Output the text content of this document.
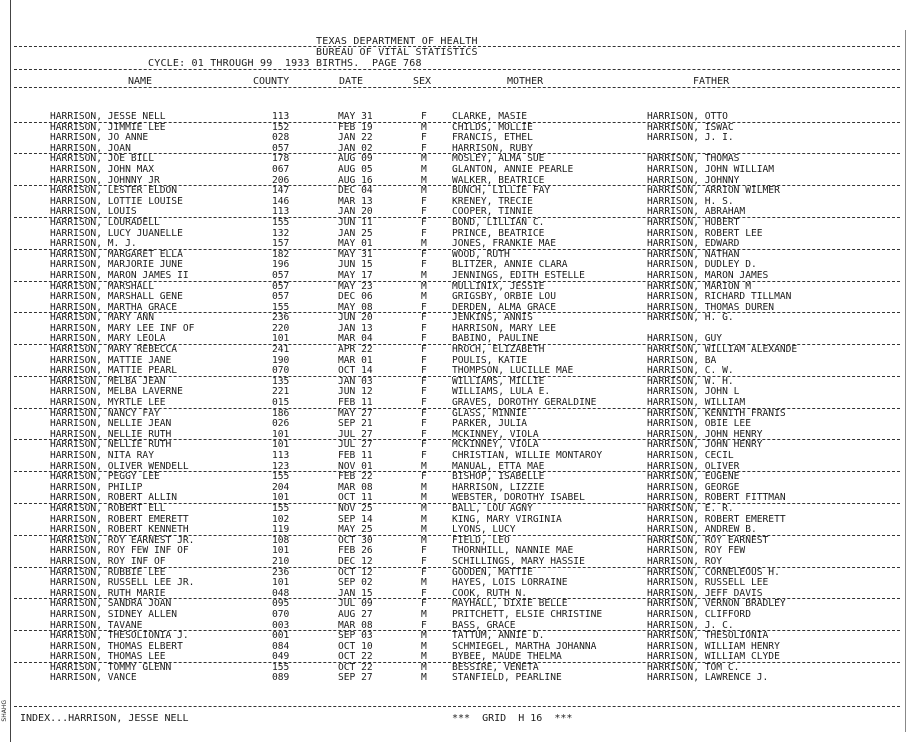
TEXAS DEPARTMENT OF HEALTH
BUREAU OF VITAL STATISTICS
CYCLE: 01 THROUGH 99  1933 BIRTHS.  PAGE 768
NAME	COUNTY	DATE	SEX	MOTHER	FATHER
HARRISON, JESSE NELL	113	MAY 31	F	CLARKE, MASIE	HARRISON, OTTO
HARRISON, JIMMIE LEE	152	FEB 19	M	CHILDS, MOLLIE	HARRISON, ISWAC
HARRISON, JO ANNE	028	JAN 22	F	FRANCIS, ETHEL	HARRISON, J. I.
HARRISON, JOAN	057	JAN 02	F	HARRISON, RUBY
HARRISON, JOE BILL	178	AUG 09	M	MOSLEY, ALMA SUE	HARRISON, THOMAS
HARRISON, JOHN MAX	067	AUG 05	M	GLANTON, ANNIE PEARLE	HARRISON, JOHN WILLIAM
HARRISON, JOHNNY JR	206	AUG 16	M	WALKER, BEATRICE	HARRISON, JOHNNY
HARRISON, LESTER ELDON	147	DEC 04	M	BUNCH, LILLIE FAY	HARRISON, ARRION WILMER
HARRISON, LOTTIE LOUISE	146	MAR 13	F	KRENEY, TRECIE	HARRISON, H. S.
HARRISON, LOUIS	113	JAN 20	F	COOPER, TINNIE	HARRISON, ABRAHAM
HARRISON, LOURADELL	155	JUN 11	F	BOND, LILLIAN C.	HARRISON, HUBERT
HARRISON, LUCY JUANELLE	132	JAN 25	F	PRINCE, BEATRICE	HARRISON, ROBERT LEE
HARRISON, M. J.	157	MAY 01	M	JONES, FRANKIE MAE	HARRISON, EDWARD
HARRISON, MARGARET ELLA	182	MAY 31	F	WOOD, RUTH	HARRISON, NATHAN
HARRISON, MARJORIE JUNE	196	JUN 15	F	BLITZER, ANNIE CLARA	HARRISON, DUDLEY D.
HARRISON, MARON JAMES II	057	MAY 17	M	JENNINGS, EDITH ESTELLE	HARRISON, MARON JAMES
HARRISON, MARSHALL	057	MAY 23	M	MULLINIX, JESSIE	HARRISON, MARION M
HARRISON, MARSHALL GENE	057	DEC 06	M	GRIGSBY, ORBIE LOU	HARRISON, RICHARD TILLMAN
HARRISON, MARTHA GRACE	155	MAY 08	F	DERDEN, ALMA GRACE	HARRISON, THOMAS DUREN
HARRISON, MARY ANN	236	JUN 20	F	JENKINS, ANNIS	HARRISON, H. G.
HARRISON, MARY LEE INF OF	220	JAN 13	F	HARRISON, MARY LEE
HARRISON, MARY LEOLA	101	MAR 04	F	BABINO, PAULINE	HARRISON, GUY
HARRISON, MARY REBECCA	241	APR 22	F	HROCH, ELIZABETH	HARRISON, WILLIAM ALEXANDE
HARRISON, MATTIE JANE	190	MAR 01	F	POULIS, KATIE	HARRISON, BA
HARRISON, MATTIE PEARL	070	OCT 14	F	THOMPSON, LUCILLE MAE	HARRISON, C. W.
HARRISON, MELBA JEAN	135	JAN 03	F	WILLIAMS, MILLIE	HARRISON, W. H.
HARRISON, MELBA LAVERNE	221	JUN 12	F	WILLIAMS, LULA E.	HARRISON, JOHN L
HARRISON, MYRTLE LEE	015	FEB 11	F	GRAVES, DOROTHY GERALDINE	HARRISON, WILLIAM
HARRISON, NANCY FAY	186	MAY 27	F	GLASS, MINNIE	HARRISON, KENNITH FRANIS
HARRISON, NELLIE JEAN	026	SEP 21	F	PARKER, JULIA	HARRISON, OBIE LEE
HARRISON, NELLIE RUTH	101	JUL 27	F	MCKINNEY, VIOLA	HARRISON, JOHN HENRY
HARRISON, NELLIE RUTH	101	JUL 27	F	MCKINNEY, VIOLA	HARRISON, JOHN HENRY
HARRISON, NITA RAY	113	FEB 11	F	CHRISTIAN, WILLIE MONTAROY	HARRISON, CECIL
HARRISON, OLIVER WENDELL	123	NOV 01	M	MANUAL, ETTA MAE	HARRISON, OLIVER
HARRISON, PEGGY LEE	155	FEB 22	F	BISHOP, ISABELLE	HARRISON, EUGENE
HARRISON, PHILIP	204	MAR 08	M	HARRISON, LIZZIE	HARRISON, GEORGE
HARRISON, ROBERT ALLIN	101	OCT 11	M	WEBSTER, DOROTHY ISABEL	HARRISON, ROBERT FITTMAN
HARRISON, ROBERT ELL	155	NOV 25	M	BALL, LOU AGNY	HARRISON, E. R.
HARRISON, ROBERT EMERETT	102	SEP 14	M	KING, MARY VIRGINIA	HARRISON, ROBERT EMERETT
HARRISON, ROBERT KENNETH	119	MAY 25	M	LYONS, LUCY	HARRISON, ANDREW B.
HARRISON, ROY EARNEST JR.	108	OCT 30	M	FIELD, LEO	HARRISON, ROY EARNEST
HARRISON, ROY FEW INF OF	101	FEB 26	F	THORNHILL, NANNIE MAE	HARRISON, ROY FEW
HARRISON, ROY INF OF	210	DEC 12	F	SCHILLINGS, MARY HASSIE	HARRISON, ROY
HARRISON, RUBBIE LEE	236	OCT 12	F	GOODEN, MATTIE	HARRISON, CORNELEOUS H.
HARRISON, RUSSELL LEE JR.	101	SEP 02	M	HAYES, LOIS LORRAINE	HARRISON, RUSSELL LEE
HARRISON, RUTH MARIE	048	JAN 15	F	COOK, RUTH N.	HARRISON, JEFF DAVIS
HARRISON, SANDRA JOAN	095	JUL 09	F	MAYHALL, DIXIE BELLE	HARRISON, VERNON BRADLEY
HARRISON, SIDNEY ALLEN	070	AUG 27	M	PRITCHETT, ELSIE CHRISTINE	HARRISON, CLIFFORD
HARRISON, TAVANE	003	MAR 08	F	BASS, GRACE	HARRISON, J. C.
HARRISON, THESOLIONIA J.	001	SEP 03	M	TATTUM, ANNIE D.	HARRISON, THESOLIONIA
HARRISON, THOMAS ELBERT	084	OCT 10	M	SCHMIEGEL, MARTHA JOHANNA	HARRISON, WILLIAM HENRY
HARRISON, THOMAS LEE	049	OCT 22	M	BYBEE, MAUDE THELMA	HARRISON, WILLIAM CLYDE
HARRISON, TOMMY GLENN	155	OCT 22	M	BESSIRE, VENETA	HARRISON, TOM C.
HARRISON, VANCE	089	SEP 27	M	STANFIELD, PEARLINE	HARRISON, LAWRENCE J.
INDEX...HARRISON, JESSE NELL	***  GRID  H 16  ***
SHAHG
